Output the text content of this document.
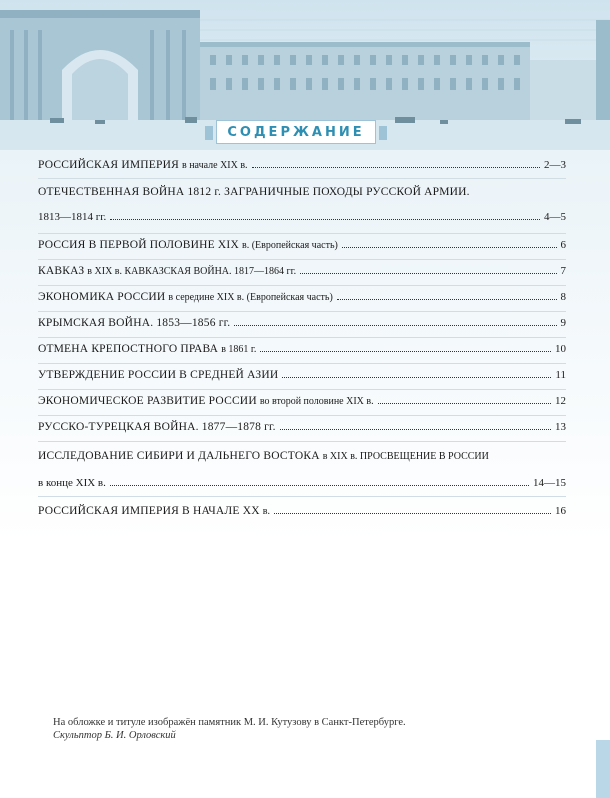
СОДЕРЖАНИЕ
РОССИЙСКАЯ ИМПЕРИЯ в начале XIX в.	2—3
ОТЕЧЕСТВЕННАЯ ВОЙНА 1812 г. ЗАГРАНИЧНЫЕ ПОХОДЫ РУССКОЙ АРМИИ.
1813—1814 гг.	4—5
РОССИЯ В ПЕРВОЙ ПОЛОВИНЕ XIX в. (Европейская часть)	6
КАВКАЗ в XIX в. КАВКАЗСКАЯ ВОЙНА. 1817—1864 гг.	7
ЭКОНОМИКА РОССИИ в середине XIX в. (Европейская часть)	8
КРЫМСКАЯ ВОЙНА. 1853—1856 гг.	9
ОТМЕНА КРЕПОСТНОГО ПРАВА в 1861 г.	10
УТВЕРЖДЕНИЕ РОССИИ В СРЕДНЕЙ АЗИИ	11
ЭКОНОМИЧЕСКОЕ РАЗВИТИЕ РОССИИ во второй половине XIX в.	12
РУССКО-ТУРЕЦКАЯ ВОЙНА. 1877—1878 гг.	13
ИССЛЕДОВАНИЕ СИБИРИ И ДАЛЬНЕГО ВОСТОКА в XIX в. ПРОСВЕЩЕНИЕ В РОССИИ
в конце XIX в.	14—15
РОССИЙСКАЯ ИМПЕРИЯ В НАЧАЛЕ XX в.	16
На обложке и титуле изображён памятник М. И. Кутузову в Санкт-Петербурге.
Скульптор Б. И. Орловский
